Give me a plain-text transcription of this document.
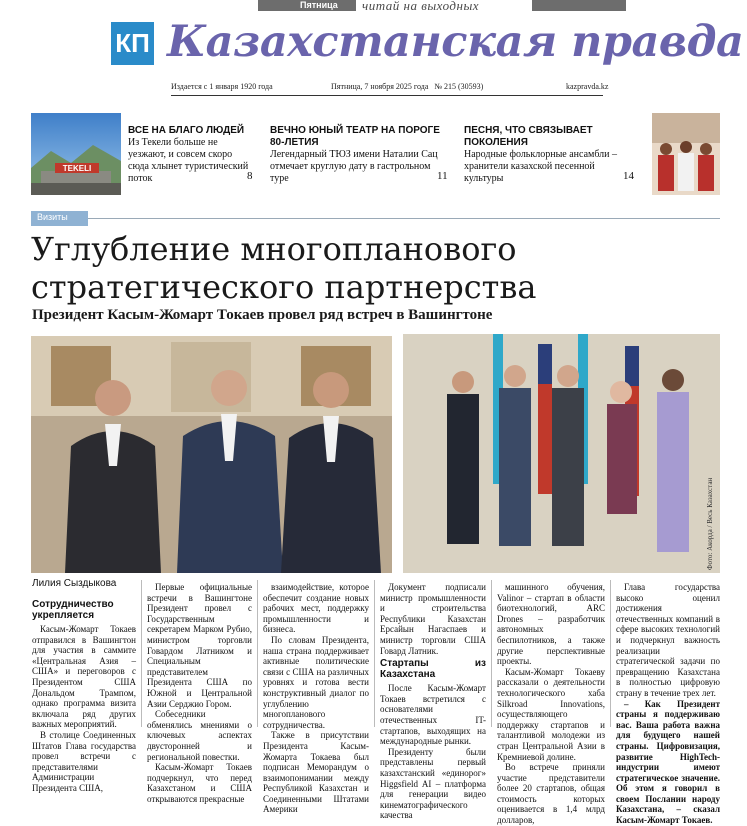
Пятница читай на выходных
КП Казахстанская правда
Издается с 1 января 1920 года	Пятница, 7 ноября 2025 года   № 215 (30593)	kazpravda.kz
TEKELI
ВСЕ НА БЛАГО ЛЮДЕЙ
Из Текели больше не уезжают, и совсем скоро сюда хлынет туристический поток	8
ВЕЧНО ЮНЫЙ ТЕАТР НА ПОРОГЕ 80-ЛЕТИЯ
Легендарный ТЮЗ имени Наталии Сац отмечает круглую дату в гастрольном туре	11
ПЕСНЯ, ЧТО СВЯЗЫВАЕТ ПОКОЛЕНИЯ
Народные фольклорные ансамбли – хранители казахской песенной культуры	14
Визиты
Углубление многопланового стратегического партнерства
Президент Касым-Жомарт Токаев провел ряд встреч в Вашингтоне
Фото: Акорда / Весь Казахстан
Лилия Сыздыкова
Сотрудничество укрепляется

Касым-Жомарт Токаев отправился в Вашингтон для участия в саммите «Центральная Азия – США» и переговоров с Президентом США Дональдом Трампом, однако программа визита включала ряд других важных мероприятий.

В столице Соединенных Штатов Глава государства провел встречи с представителями Администрации Президента США,

Первые официальные встречи в Вашингтоне Президент провел с Государственным секретарем Марком Рубио, министром торговли Говардом Латником и Специальным представителем Президента США по Южной и Центральной Азии Серджио Гором.

Собеседники обменялись мнениями о ключевых аспектах двусторонней и региональной повестки.

Касым-Жомарт Токаев подчеркнул, что перед Казахстаном и США открываются прекрасные

взаимодействие, которое обеспечит создание новых рабочих мест, поддержку промышленности и бизнеса.

По словам Президента, наша страна поддерживает активные политические связи с США на различных уровнях и готова вести конструктивный диалог по углублению многопланового сотрудничества.

Также в присутствии Президента Касым-Жомарта Токаева был подписан Меморандум о взаимопонимании между Республикой Казахстан и Соединенными Штатами Америки

Документ подписали министр промышленности и строительства Республики Казахстан Ерсайын Нагаспаев и министр торговли США Говард Латник.

Стартапы из Казахстана

После Касым-Жомарт Токаев встретился с основателями отечественных IT-стартапов, выходящих на международные рынки.

Президенту были представлены первый казахстанский «единорог» Higgsfield AI – платформа для генерации видео кинематографического качества

машинного обучения, Valinor – стартап в области биотехнологий, ARC Drones – разработчик автономных беспилотников, а также другие перспективные проекты.

Касым-Жомарт Токаеву рассказали о деятельности технологического хаба Silkroad Innovations, осуществляющего поддержку стартапов и талантливой молодежи из стран Центральной Азии в Кремниевой долине.

Во встрече приняли участие представители более 20 стартапов, общая стоимость которых оценивается в 1,4 млрд долларов,

Глава государства высоко оценил достижения отечественных компаний в сфере высоких технологий и подчеркнул важность реализации стратегической задачи по превращению Казахстана в полностью цифровую страну в течение трех лет.

– Как Президент страны я поддерживаю вас. Ваша работа важна для будущего нашей страны. Цифровизация, развитие HighTech-индустрии имеют стратегическое значение. Об этом я говорил в своем Послании народу Казахстана, – сказал Касым-Жомарт Токаев.
